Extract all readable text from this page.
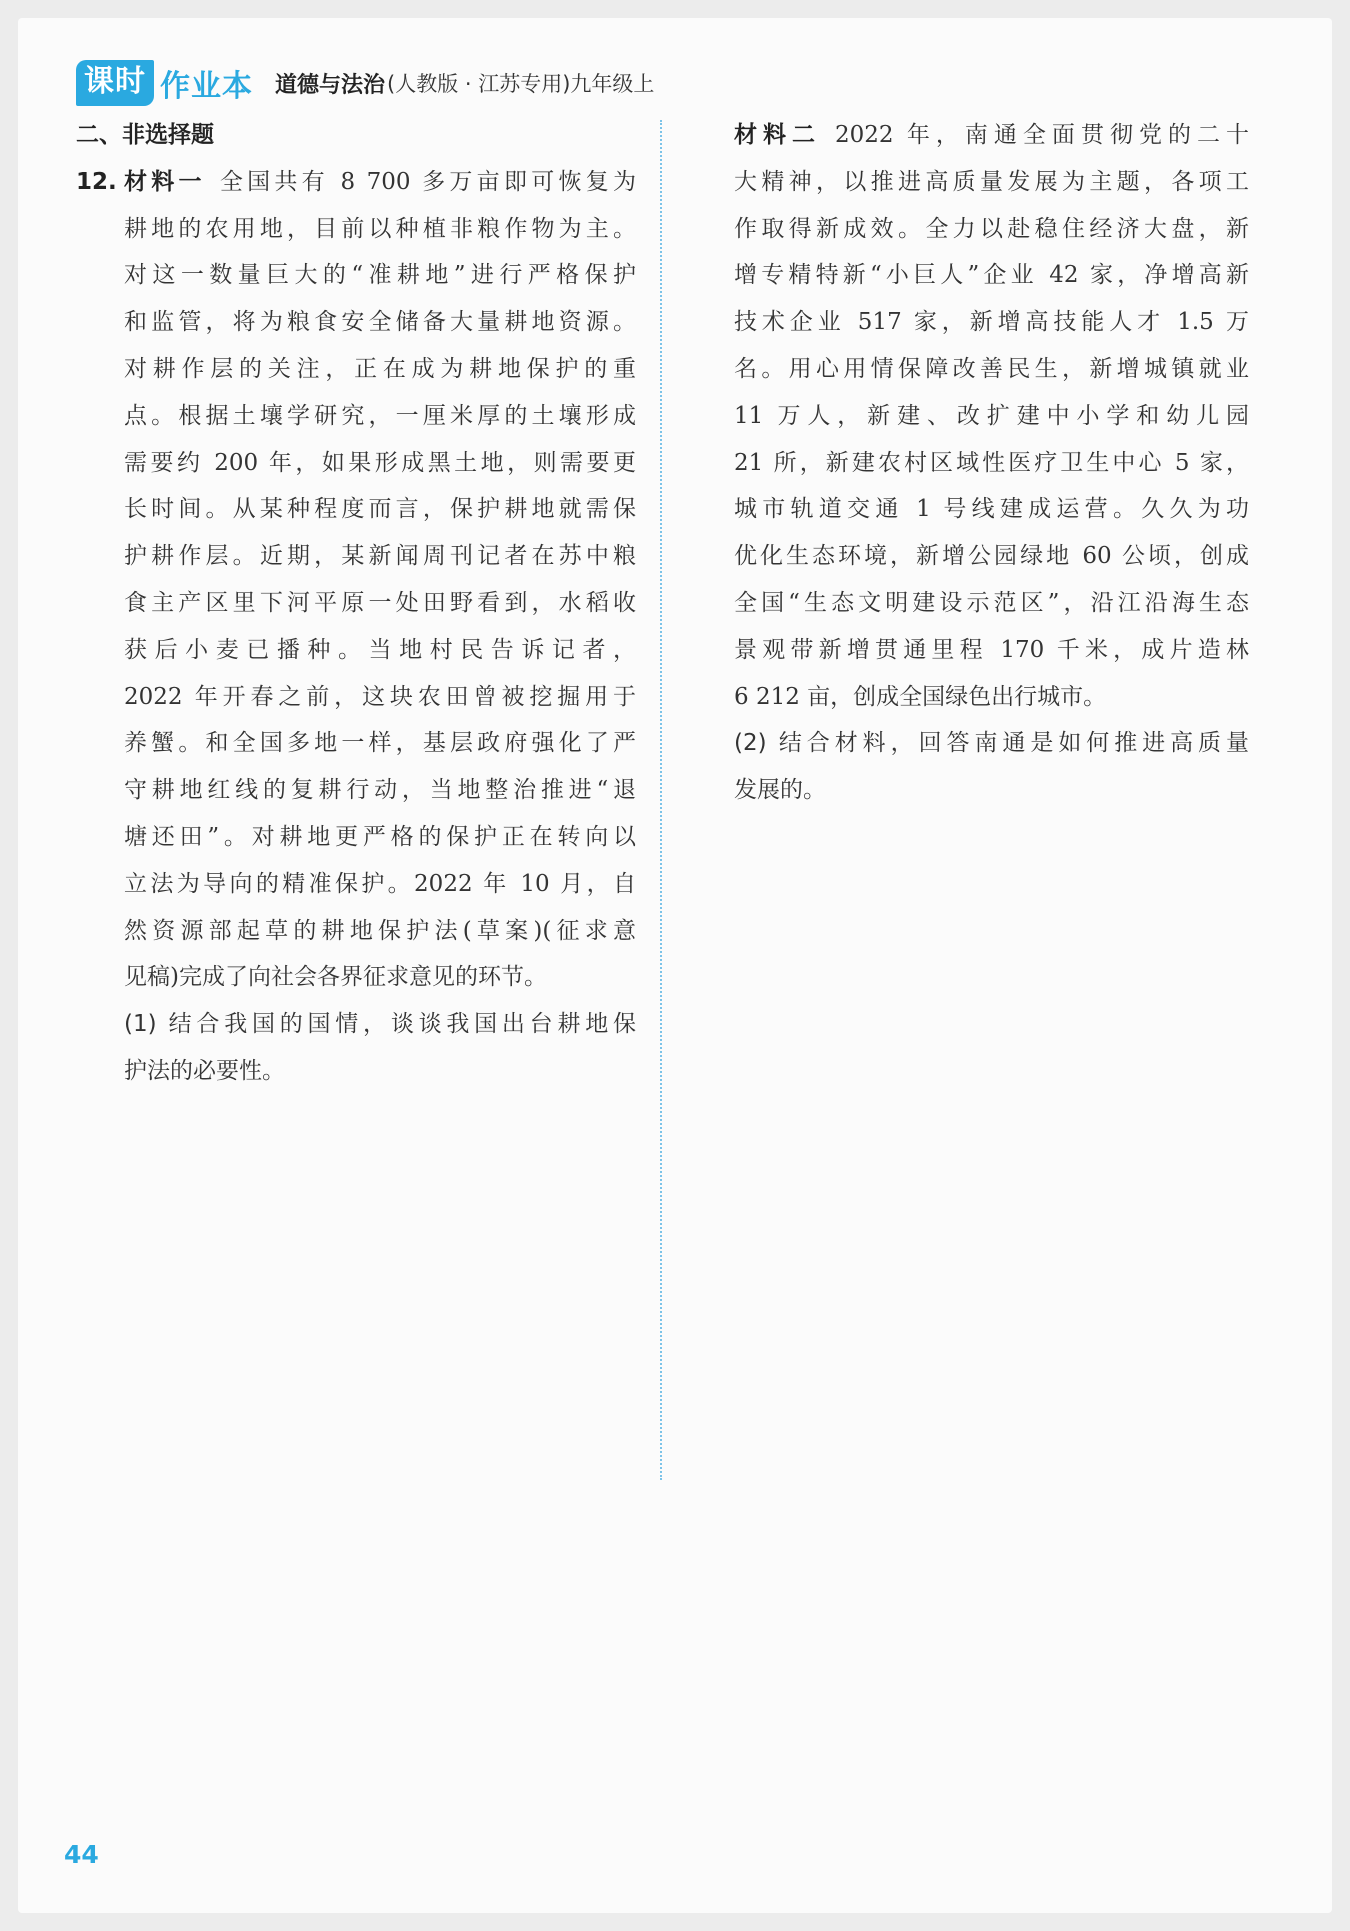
课时 作业本 道德与法治 (人教版 · 江苏专用)九年级上
二、非选择题
12. 材料一 全国共有 8 700 多万亩即可恢复为
耕地的农用地，目前以种植非粮作物为主。
对这一数量巨大的“准耕地”进行严格保护
和监管，将为粮食安全储备大量耕地资源。
对耕作层的关注，正在成为耕地保护的重
点。根据土壤学研究，一厘米厚的土壤形成
需要约 200 年，如果形成黑土地，则需要更
长时间。从某种程度而言，保护耕地就需保
护耕作层。近期，某新闻周刊记者在苏中粮
食主产区里下河平原一处田野看到，水稻收
获后小麦已播种。当地村民告诉记者，
2022 年开春之前，这块农田曾被挖掘用于
养蟹。和全国多地一样，基层政府强化了严
守耕地红线的复耕行动，当地整治推进“退
塘还田”。对耕地更严格的保护正在转向以
立法为导向的精准保护。2022 年 10 月，自
然资源部起草的耕地保护法(草案)(征求意
见稿)完成了向社会各界征求意见的环节。
(1) 结合我国的国情，谈谈我国出台耕地保
护法的必要性。
材料二 2022 年，南通全面贯彻党的二十
大精神，以推进高质量发展为主题，各项工
作取得新成效。全力以赴稳住经济大盘，新
增专精特新“小巨人”企业 42 家，净增高新
技术企业 517 家，新增高技能人才 1.5 万
名。用心用情保障改善民生，新增城镇就业
11 万人，新建、改扩建中小学和幼儿园
21 所，新建农村区域性医疗卫生中心 5 家，
城市轨道交通 1 号线建成运营。久久为功
优化生态环境，新增公园绿地 60 公顷，创成
全国“生态文明建设示范区”，沿江沿海生态
景观带新增贯通里程 170 千米，成片造林
6 212 亩，创成全国绿色出行城市。
(2) 结合材料，回答南通是如何推进高质量
发展的。
44
